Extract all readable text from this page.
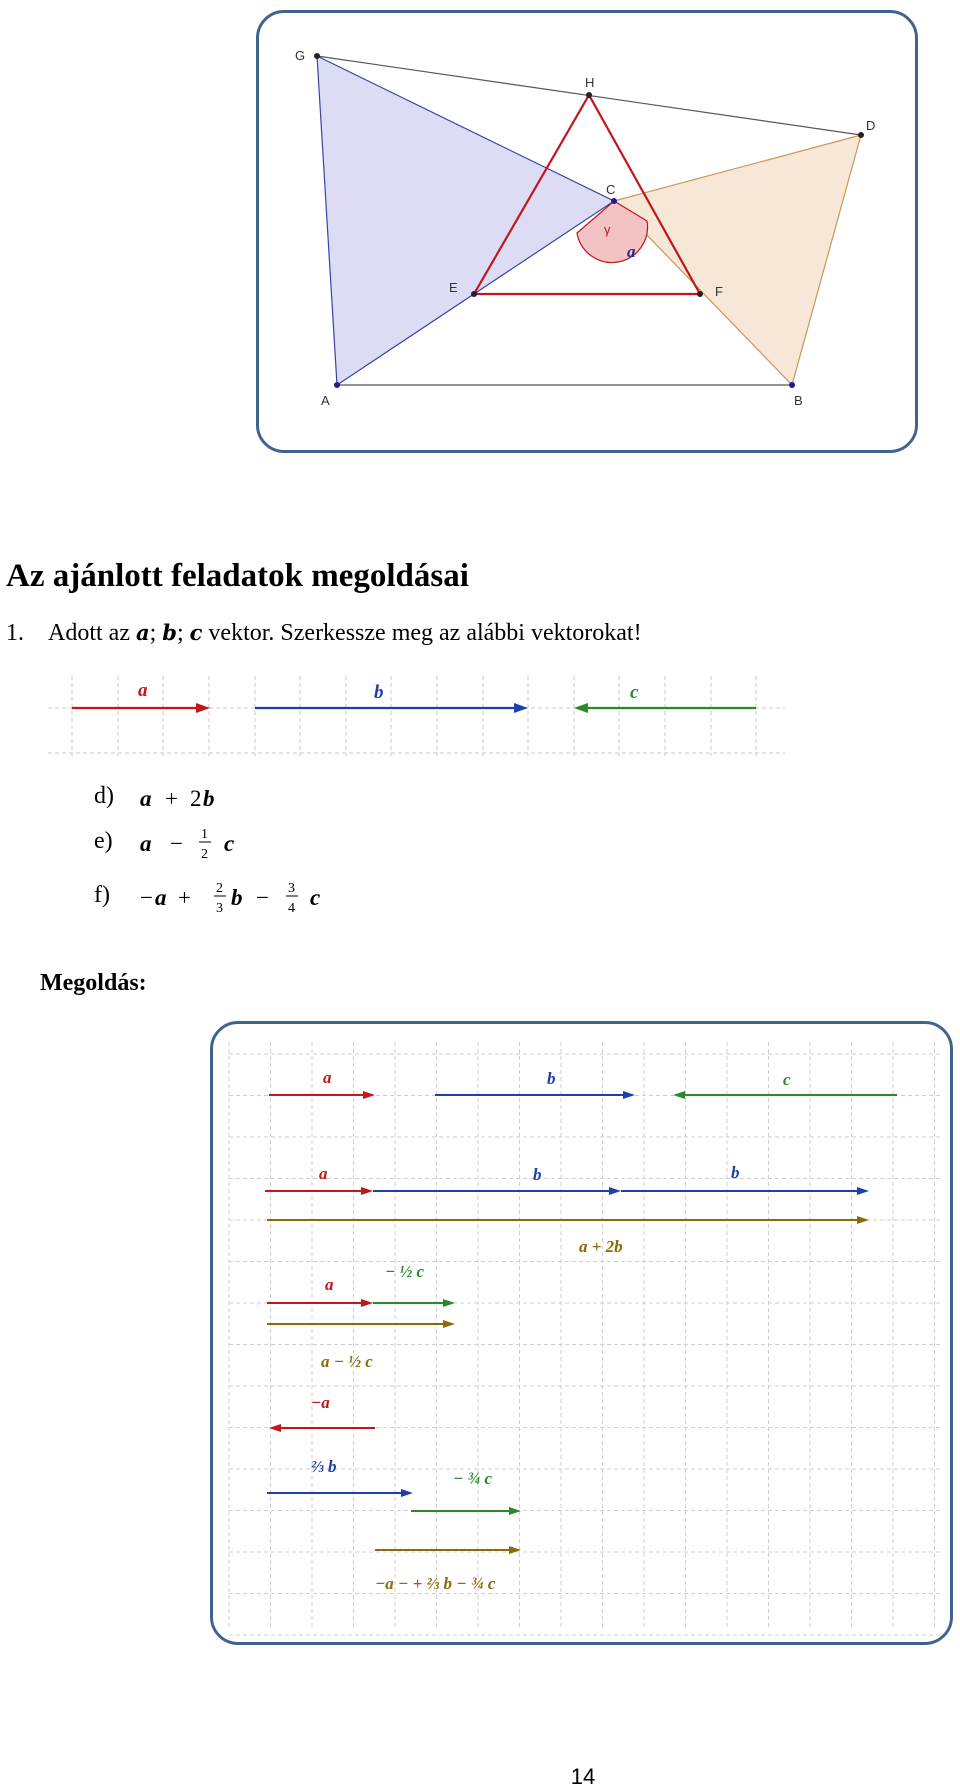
G
H
D
C
E	F
A	B
γ
a
Az ajánlott feladatok megoldásai
1. Adott az a; b; c vektor. Szerkessze meg az alábbi vektorokat!
a	b	c
d) a + 2 b
e) a − 1
2 c
f) − a + 2
3 b − 3
4 c
Megoldás:
a	b	c
a	b	b
a + 2b
a
− ½ c
a − ½ c
−a
⅔ b
− ¾ c
−a − + ⅔ b − ¾ c
14
